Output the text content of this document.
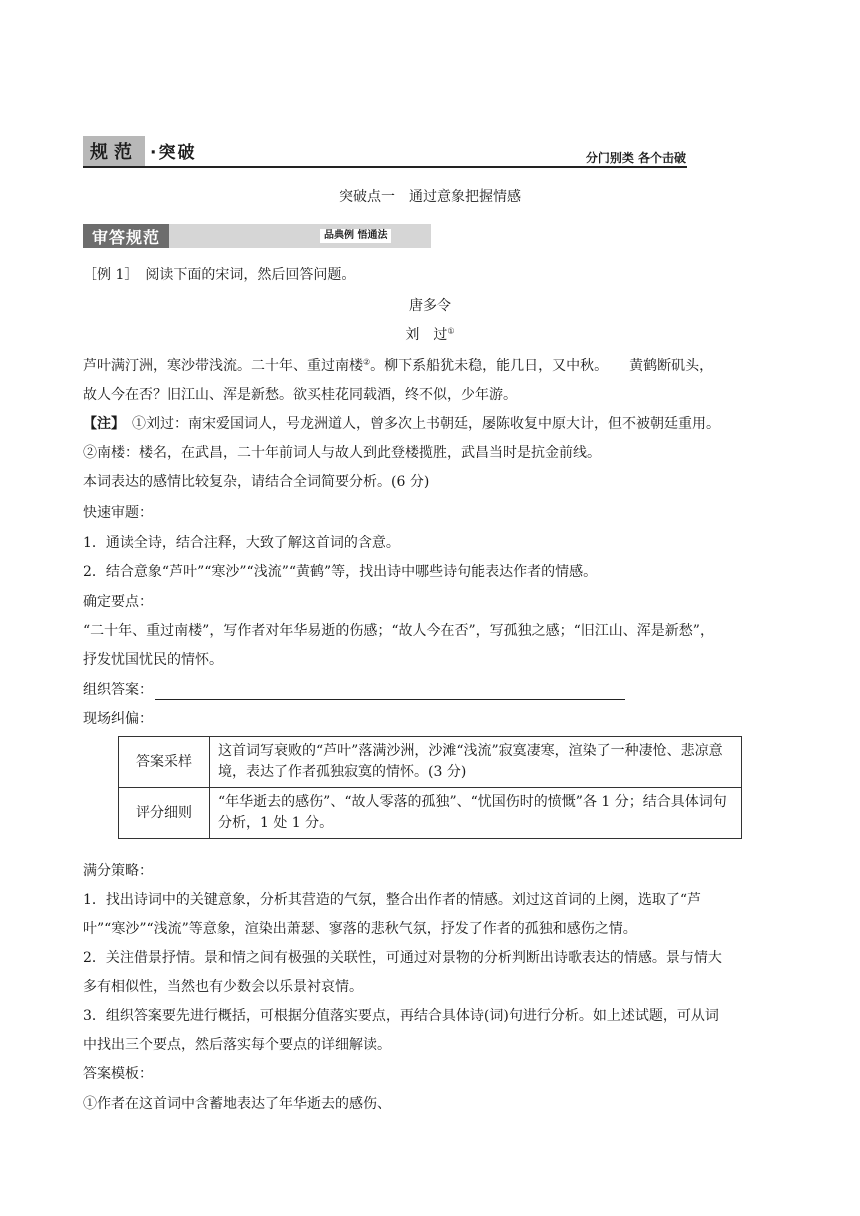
规范 ·突破	分门别类 各个击破
突破点一　通过意象把握情感
审答规范	品典例 悟通法
［例 1］　阅读下面的宋词，然后回答问题。
唐多令
刘　过①
芦叶满汀洲，寒沙带浅流。二十年、重过南楼②。柳下系船犹未稳，能几日，又中秋。　　黄鹤断矶头，
故人今在否？旧江山、浑是新愁。欲买桂花同载酒，终不似，少年游。
【注】　①刘过：南宋爱国词人，号龙洲道人，曾多次上书朝廷，屡陈收复中原大计，但不被朝廷重用。
②南楼：楼名，在武昌，二十年前词人与故人到此登楼揽胜，武昌当时是抗金前线。
本词表达的感情比较复杂，请结合全词简要分析。(6 分)
快速审题：
1．通读全诗，结合注释，大致了解这首词的含意。
2．结合意象“芦叶”“寒沙”“浅流”“黄鹤”等，找出诗中哪些诗句能表达作者的情感。
确定要点：
“二十年、重过南楼”，写作者对年华易逝的伤感；“故人今在否”，写孤独之感；“旧江山、浑是新愁”，
抒发忧国忧民的情怀。
组织答案：
现场纠偏：
答案采样	这首词写衰败的“芦叶”落满沙洲，沙滩“浅流”寂寞凄寒，渲染了一种凄怆、悲凉意境，表达了作者孤独寂寞的情怀。(3 分)
评分细则	“年华逝去的感伤”、“故人零落的孤独”、“忧国伤时的愤慨”各 1 分；结合具体词句分析，1 处 1 分。
满分策略：
1．找出诗词中的关键意象，分析其营造的气氛，整合出作者的情感。刘过这首词的上阕，选取了“芦
叶”“寒沙”“浅流”等意象，渲染出萧瑟、寥落的悲秋气氛，抒发了作者的孤独和感伤之情。
2．关注借景抒情。景和情之间有极强的关联性，可通过对景物的分析判断出诗歌表达的情感。景与情大
多有相似性，当然也有少数会以乐景衬哀情。
3．组织答案要先进行概括，可根据分值落实要点，再结合具体诗(词)句进行分析。如上述试题，可从词
中找出三个要点，然后落实每个要点的详细解读。
答案模板：
①作者在这首词中含蓄地表达了年华逝去的感伤、
